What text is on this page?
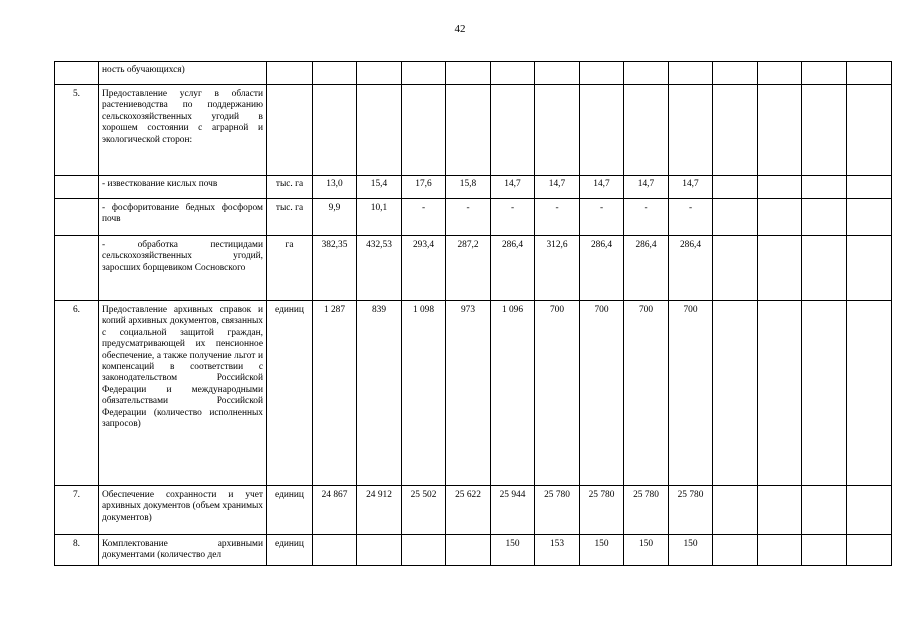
42
	ность обучающихся)														
5.	Предоставление услуг в области растениеводства по поддержанию сельскохозяйственных угодий в хорошем состоянии с аграрной и экологической сторон:														
	- известкование кислых почв	тыс. га	13,0	15,4	17,6	15,8	14,7	14,7	14,7	14,7	14,7				
	- фосфоритование бедных фосфором почв	тыс. га	9,9	10,1	-	-	-	-	-	-	-				
	- обработка пестицидами сельскохозяйственных угодий, заросших борщевиком Сосновского	га	382,35	432,53	293,4	287,2	286,4	312,6	286,4	286,4	286,4				
6.	Предоставление архивных справок и копий архивных документов, связанных с социальной защитой граждан, предусматривающей их пенсионное обеспечение, а также получение льгот и компенсаций в соответствии с законодательством Российской Федерации и международными обязательствами Российской Федерации (количество исполненных запросов)	единиц	1 287	839	1 098	973	1 096	700	700	700	700				
7.	Обеспечение сохранности и учет архивных документов (объем хранимых документов)	единиц	24 867	24 912	25 502	25 622	25 944	25 780	25 780	25 780	25 780				
8.	Комплектование архивными документами (количество дел	единиц					150	153	150	150	150				
